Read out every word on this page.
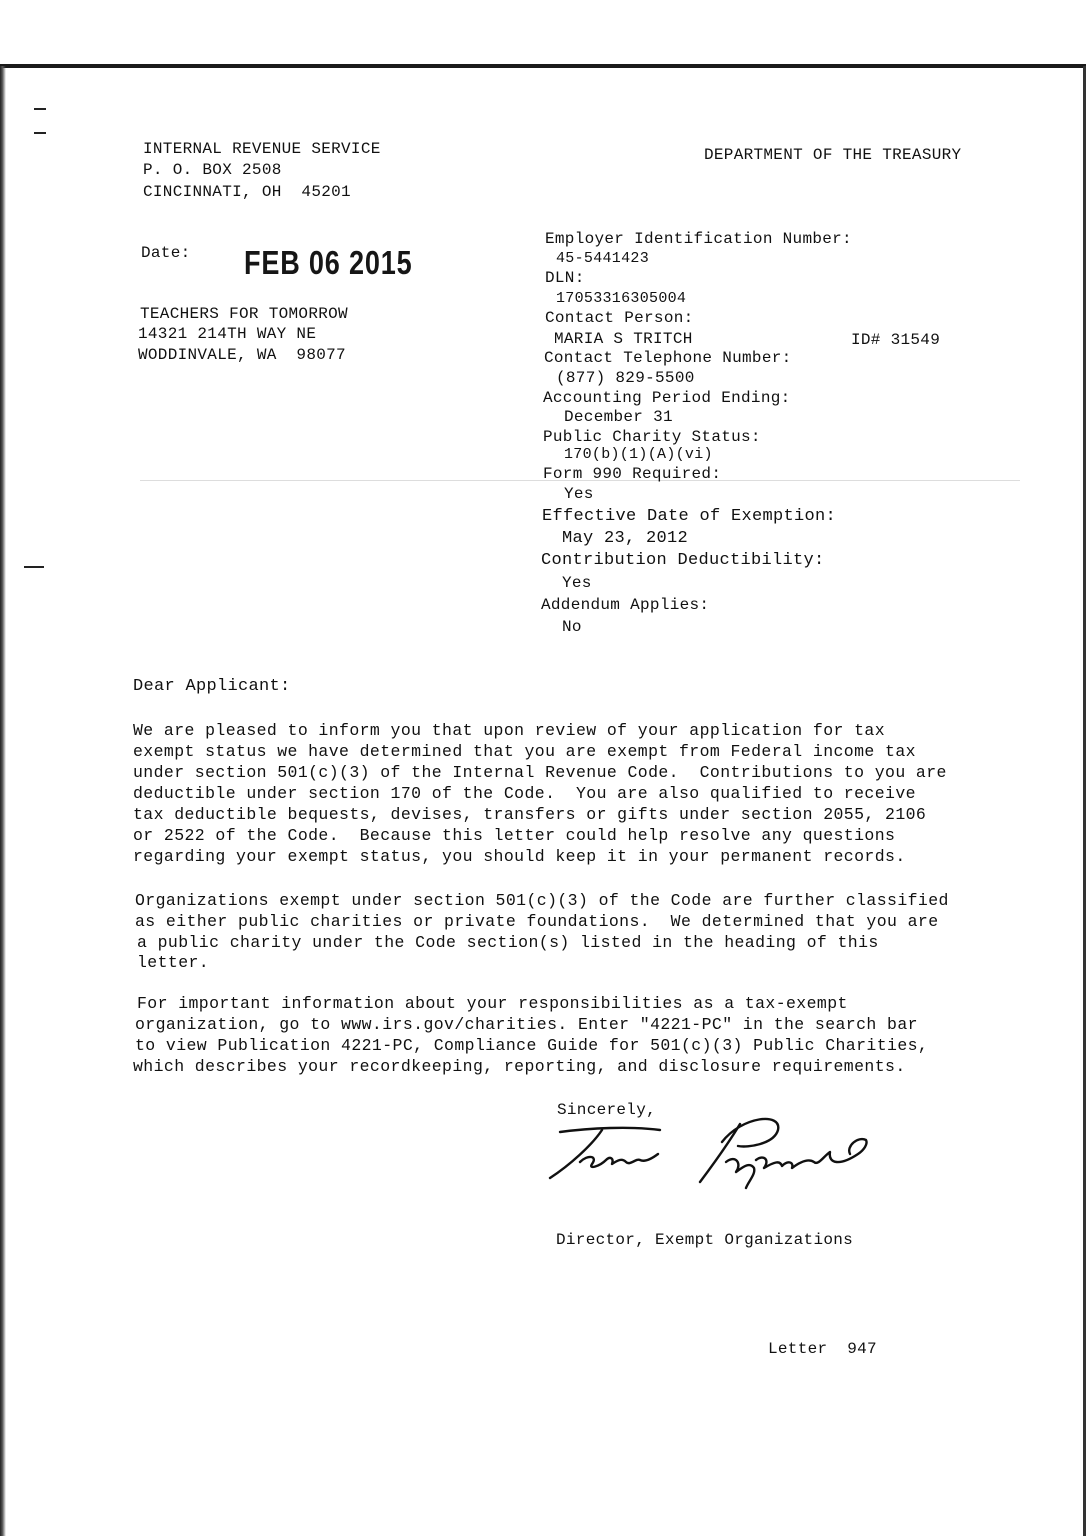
INTERNAL REVENUE SERVICE
P. O. BOX 2508
CINCINNATI, OH  45201
DEPARTMENT OF THE TREASURY
Date: FEB 06 2015
TEACHERS FOR TOMORROW
14321 214TH WAY NE
WODDINVALE, WA  98077
Employer Identification Number:
45-5441423
DLN:
17053316305004
Contact Person:
MARIA S TRITCH	ID# 31549
Contact Telephone Number:
(877) 829-5500
Accounting Period Ending:
December 31
Public Charity Status:
170(b)(1)(A)(vi)
Form 990 Required:
Yes
Effective Date of Exemption:
May 23, 2012
Contribution Deductibility:
Yes
Addendum Applies:
No
Dear Applicant:
We are pleased to inform you that upon review of your application for tax
exempt status we have determined that you are exempt from Federal income tax
under section 501(c)(3) of the Internal Revenue Code.  Contributions to you are
deductible under section 170 of the Code.  You are also qualified to receive
tax deductible bequests, devises, transfers or gifts under section 2055, 2106
or 2522 of the Code.  Because this letter could help resolve any questions
regarding your exempt status, you should keep it in your permanent records.
Organizations exempt under section 501(c)(3) of the Code are further classified
as either public charities or private foundations.  We determined that you are
a public charity under the Code section(s) listed in the heading of this
letter.
For important information about your responsibilities as a tax-exempt
organization, go to www.irs.gov/charities. Enter "4221-PC" in the search bar
to view Publication 4221-PC, Compliance Guide for 501(c)(3) Public Charities,
which describes your recordkeeping, reporting, and disclosure requirements.
Sincerely,
Director, Exempt Organizations
Letter  947
